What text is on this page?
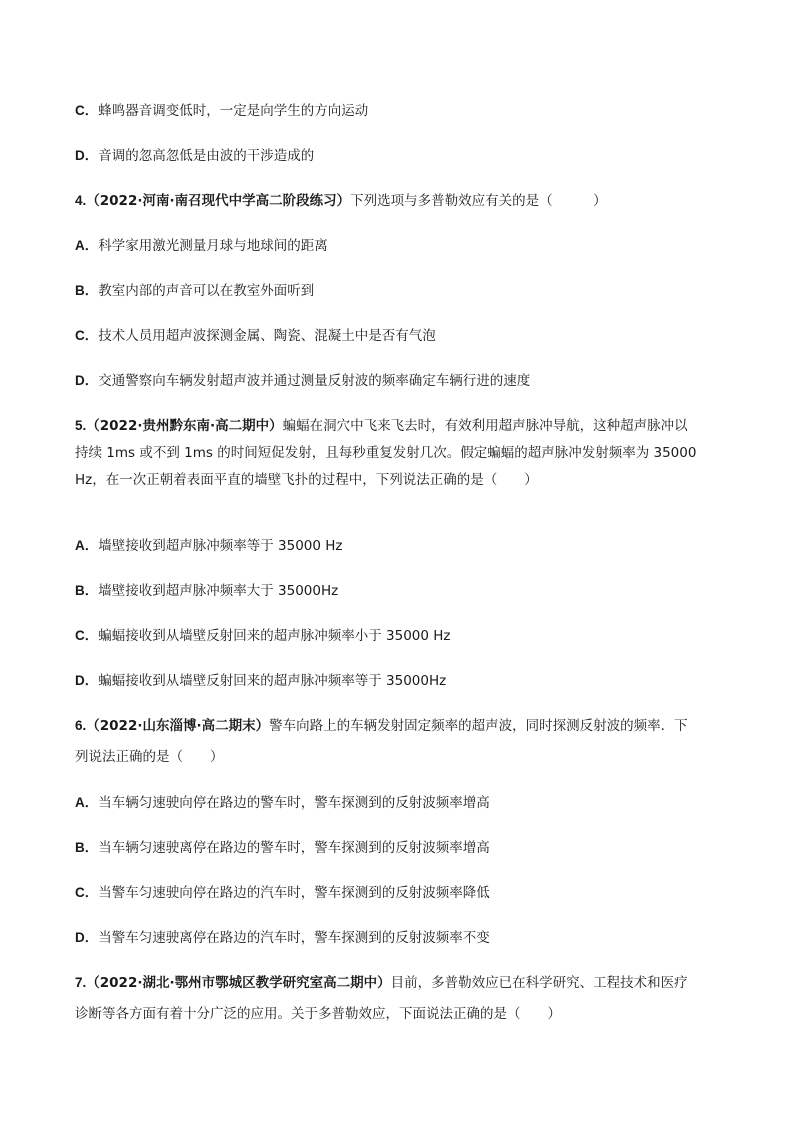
C．蜂鸣器音调变低时，一定是向学生的方向运动
D．音调的忽高忽低是由波的干涉造成的
4.（2022·河南·南召现代中学高二阶段练习）下列选项与多普勒效应有关的是（　　　）
A．科学家用激光测量月球与地球间的距离
B．教室内部的声音可以在教室外面听到
C．技术人员用超声波探测金属、陶瓷、混凝土中是否有气泡
D．交通警察向车辆发射超声波并通过测量反射波的频率确定车辆行进的速度
5.（2022·贵州黔东南·高二期中）蝙蝠在洞穴中飞来飞去时，有效利用超声脉冲导航，这种超声脉冲以
持续 1ms 或不到 1ms 的时间短促发射，且每秒重复发射几次。假定蝙蝠的超声脉冲发射频率为 35000
Hz，在一次正朝着表面平直的墙壁飞扑的过程中，下列说法正确的是（　　）
A．墙壁接收到超声脉冲频率等于 35000 Hz
B．墙壁接收到超声脉冲频率大于 35000Hz
C．蝙蝠接收到从墙壁反射回来的超声脉冲频率小于 35000 Hz
D．蝙蝠接收到从墙壁反射回来的超声脉冲频率等于 35000Hz
6.（2022·山东淄博·高二期末）警车向路上的车辆发射固定频率的超声波，同时探测反射波的频率．下
列说法正确的是（　　）
A．当车辆匀速驶向停在路边的警车时，警车探测到的反射波频率增高
B．当车辆匀速驶离停在路边的警车时，警车探测到的反射波频率增高
C．当警车匀速驶向停在路边的汽车时，警车探测到的反射波频率降低
D．当警车匀速驶离停在路边的汽车时，警车探测到的反射波频率不变
7.（2022·湖北·鄂州市鄂城区教学研究室高二期中）目前，多普勒效应已在科学研究、工程技术和医疗
诊断等各方面有着十分广泛的应用。关于多普勒效应，下面说法正确的是（　　）
